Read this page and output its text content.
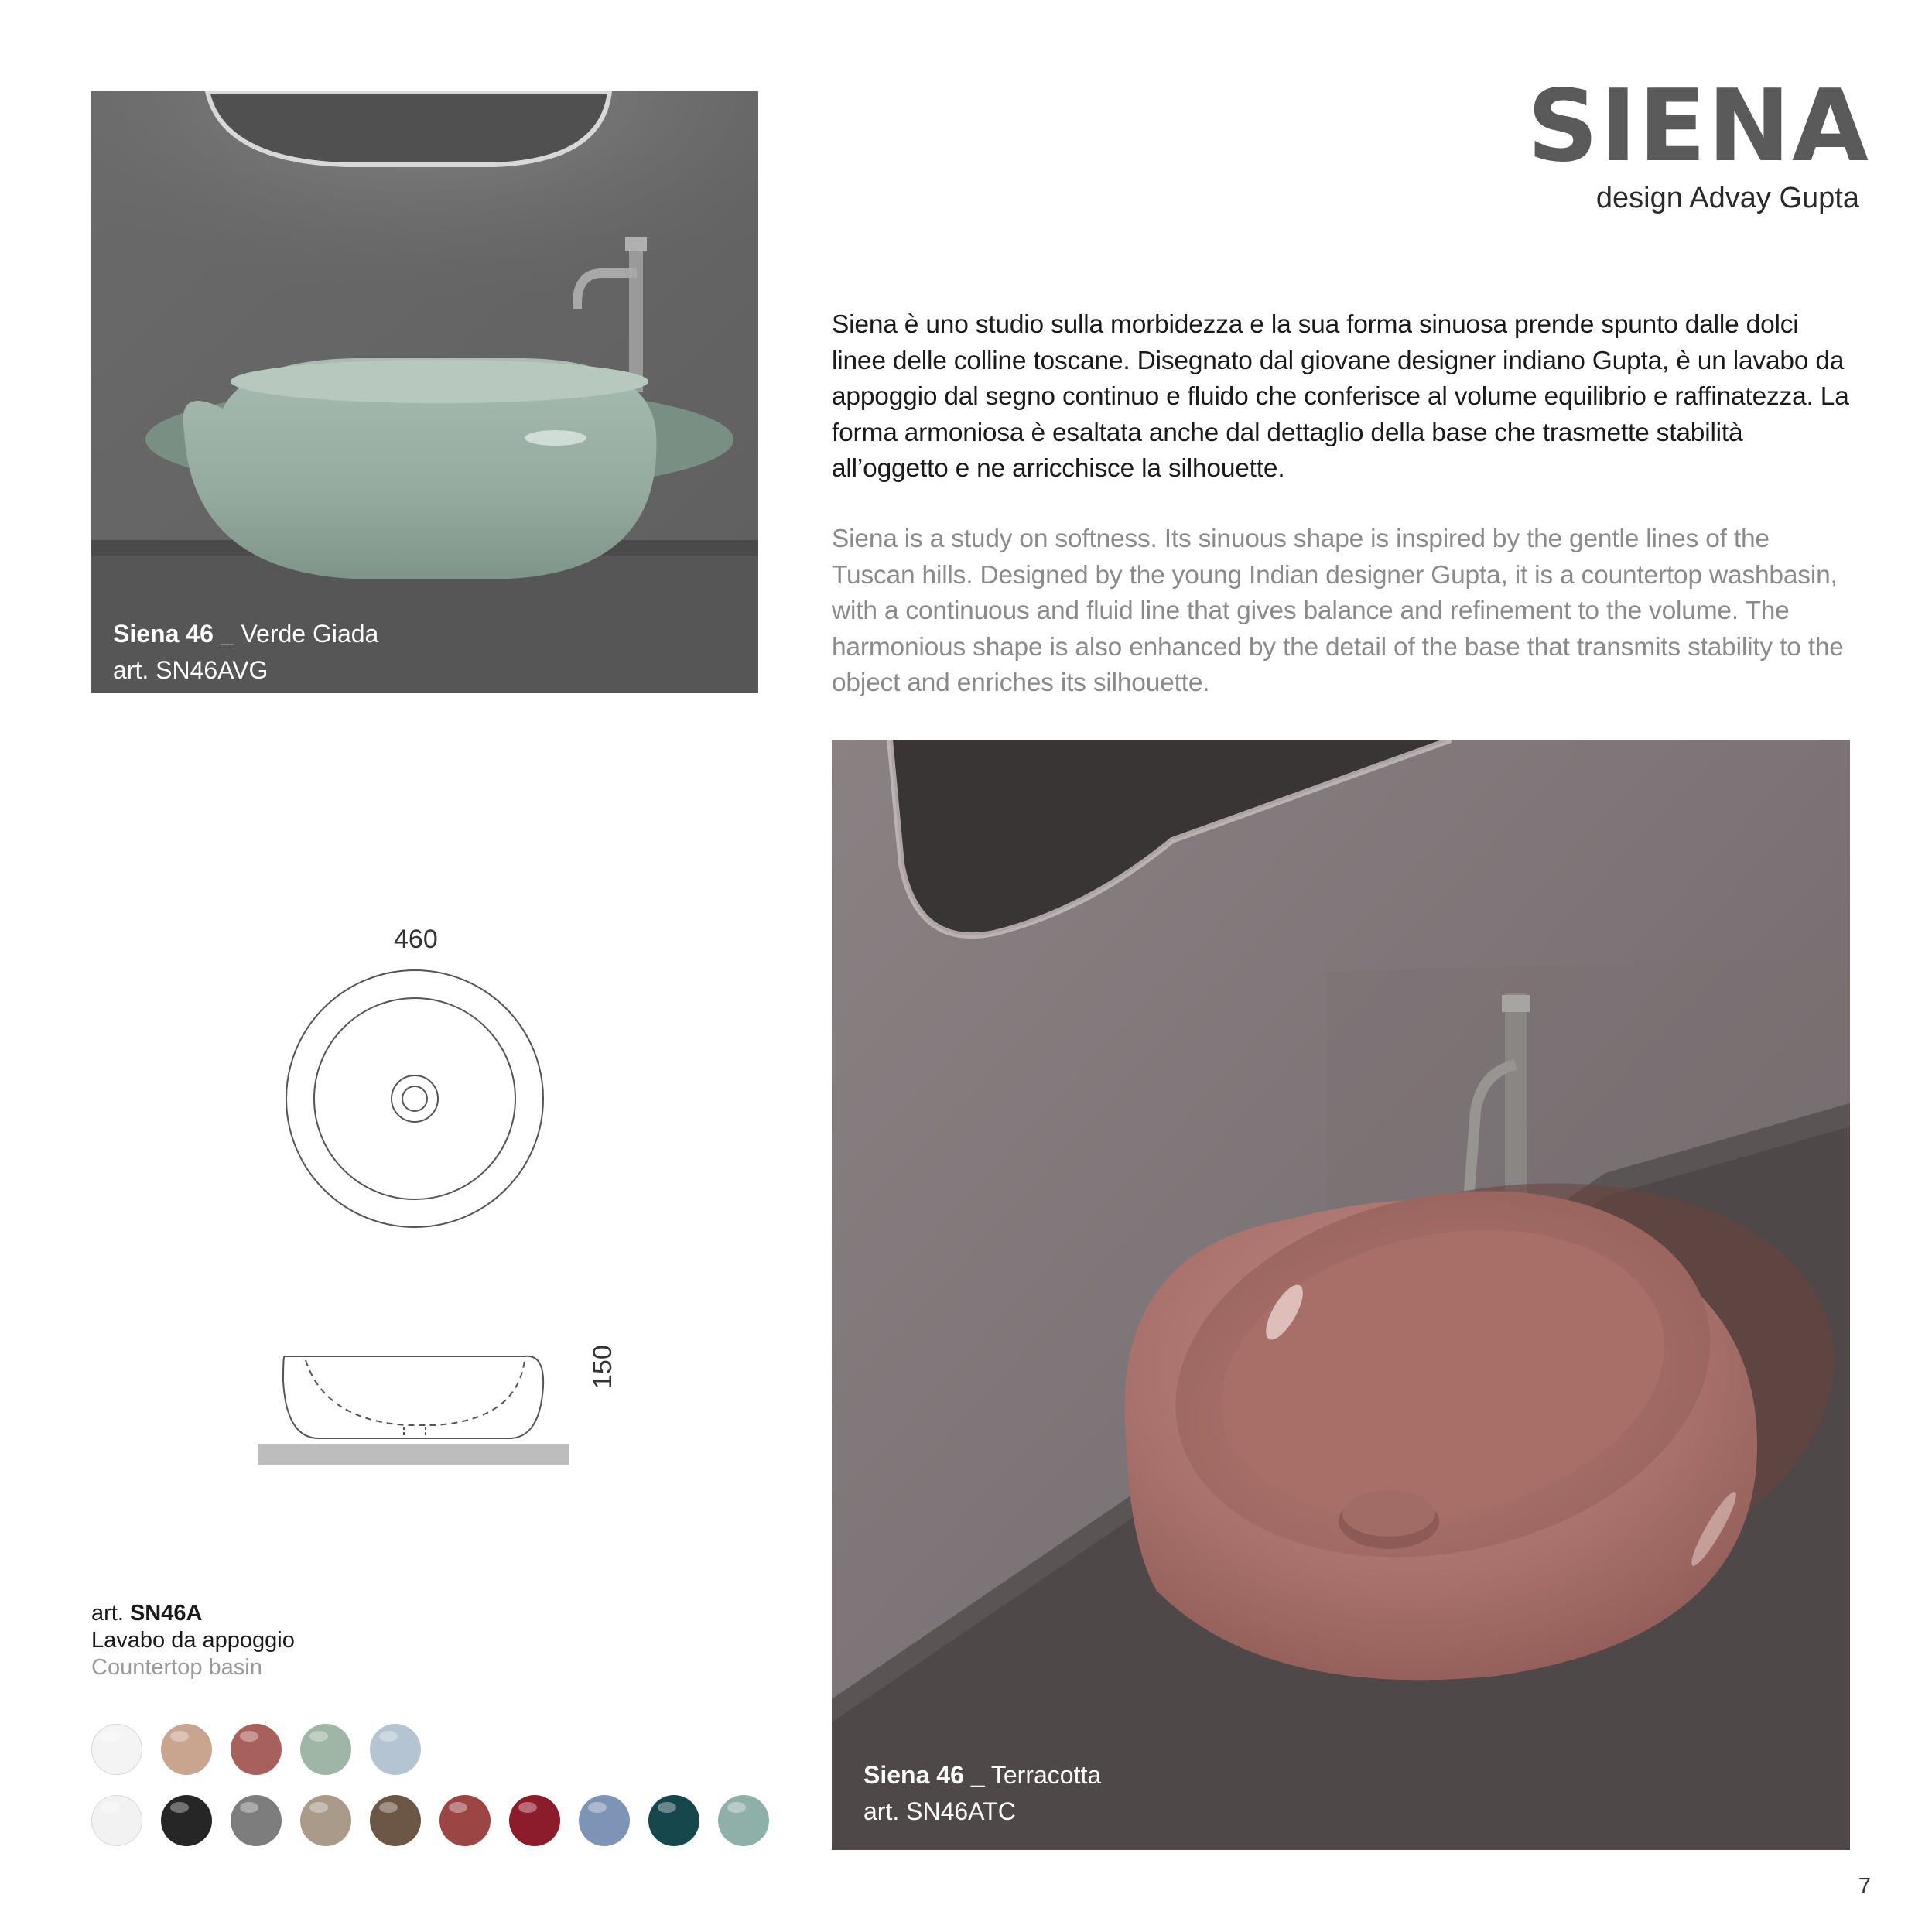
SIENA
design Advay Gupta

Siena è uno studio sulla morbidezza e la sua forma sinuosa prende spunto dalle dolci linee delle colline toscane. Disegnato dal giovane designer indiano Gupta, è un lavabo da appoggio dal segno continuo e fluido che conferisce al volume equilibrio e raffinatezza. La forma armoniosa è esaltata anche dal dettaglio della base che trasmette stabilità all’oggetto e ne arricchisce la silhouette.

Siena is a study on softness. Its sinuous shape is inspired by the gentle lines of the Tuscan hills. Designed by the young Indian designer Gupta, it is a countertop washbasin, with a continuous and fluid line that gives balance and refinement to the volume. The harmonious shape is also enhanced by the detail of the base that transmits stability to the object and enriches its silhouette.

Siena 46 _ Verde Giada
art. SN46AVG
460
150
art. SN46A
Lavabo da appoggio
Countertop basin
Siena 46 _ Terracotta
art. SN46ATC
7
